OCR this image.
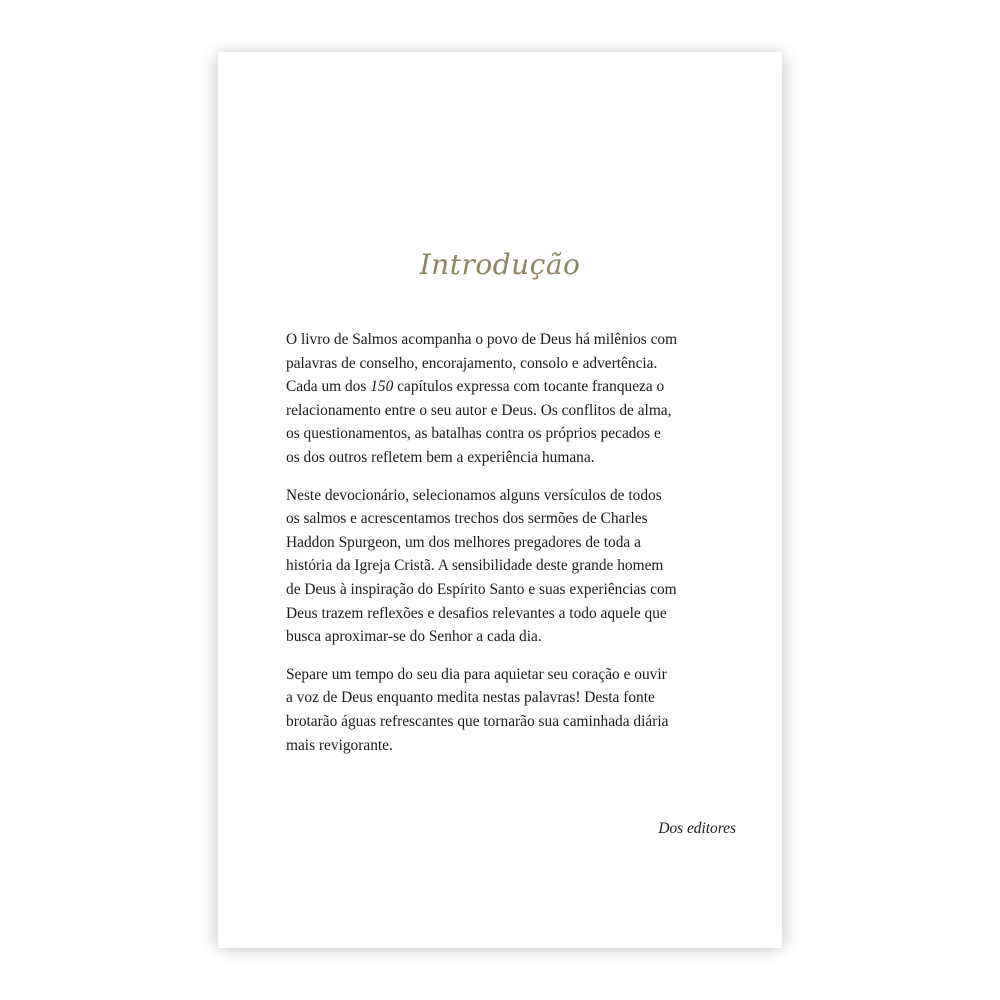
Introdução

O livro de Salmos acompanha o povo de Deus há milênios com
palavras de conselho, encorajamento, consolo e advertência.
Cada um dos 150 capítulos expressa com tocante franqueza o
relacionamento entre o seu autor e Deus. Os conflitos de alma,
os questionamentos, as batalhas contra os próprios pecados e
os dos outros refletem bem a experiência humana.

Neste devocionário, selecionamos alguns versículos de todos
os salmos e acrescentamos trechos dos sermões de Charles
Haddon Spurgeon, um dos melhores pregadores de toda a
história da Igreja Cristã. A sensibilidade deste grande homem
de Deus à inspiração do Espírito Santo e suas experiências com
Deus trazem reflexões e desafios relevantes a todo aquele que
busca aproximar-se do Senhor a cada dia.

Separe um tempo do seu dia para aquietar seu coração e ouvir
a voz de Deus enquanto medita nestas palavras! Desta fonte
brotarão águas refrescantes que tornarão sua caminhada diária
mais revigorante.

Dos editores
